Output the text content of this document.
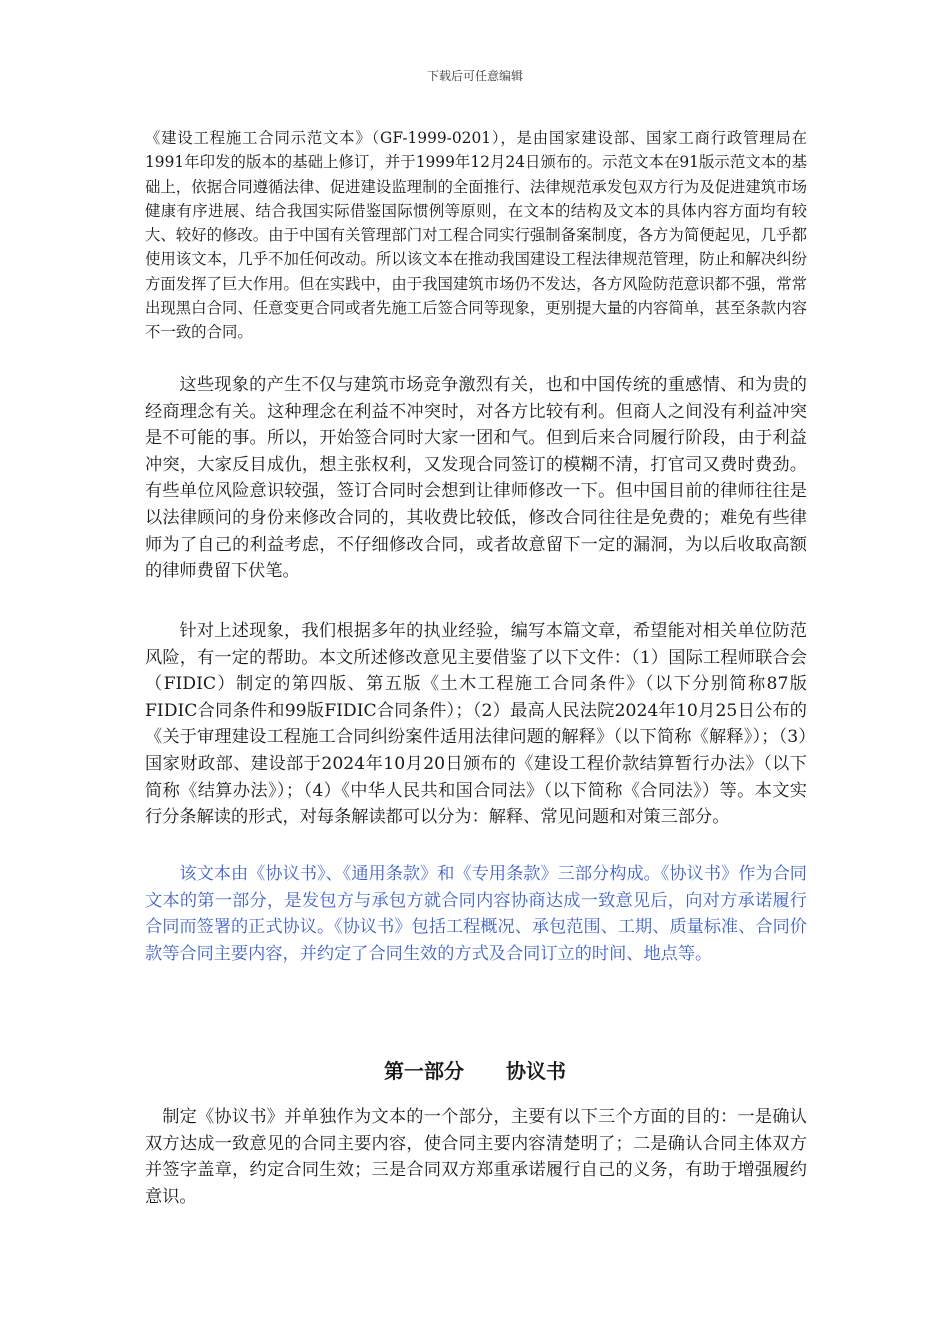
下载后可任意编辑

《建设工程施工合同示范文本》（GF-1999-0201），是由国家建设部、国家工商行政管理局在1991年印发的版本的基础上修订，并于1999年12月24日颁布的。示范文本在91版示范文本的基础上，依据合同遵循法律、促进建设监理制的全面推行、法律规范承发包双方行为及促进建筑市场健康有序进展、结合我国实际借鉴国际惯例等原则，在文本的结构及文本的具体内容方面均有较大、较好的修改。由于中国有关管理部门对工程合同实行强制备案制度，各方为简便起见，几乎都使用该文本，几乎不加任何改动。所以该文本在推动我国建设工程法律规范管理，防止和解决纠纷方面发挥了巨大作用。但在实践中，由于我国建筑市场仍不发达，各方风险防范意识都不强，常常出现黑白合同、任意变更合同或者先施工后签合同等现象，更别提大量的内容简单，甚至条款内容不一致的合同。

这些现象的产生不仅与建筑市场竞争激烈有关，也和中国传统的重感情、和为贵的经商理念有关。这种理念在利益不冲突时，对各方比较有利。但商人之间没有利益冲突是不可能的事。所以，开始签合同时大家一团和气。但到后来合同履行阶段，由于利益冲突，大家反目成仇，想主张权利，又发现合同签订的模糊不清，打官司又费时费劲。有些单位风险意识较强，签订合同时会想到让律师修改一下。但中国目前的律师往往是以法律顾问的身份来修改合同的，其收费比较低，修改合同往往是免费的；难免有些律师为了自己的利益考虑，不仔细修改合同，或者故意留下一定的漏洞，为以后收取高额的律师费留下伏笔。

针对上述现象，我们根据多年的执业经验，编写本篇文章，希望能对相关单位防范风险，有一定的帮助。本文所述修改意见主要借鉴了以下文件：（1）国际工程师联合会（FIDIC）制定的第四版、第五版《土木工程施工合同条件》（以下分别简称87版FIDIC合同条件和99版FIDIC合同条件）；（2）最高人民法院2024年10月25日公布的《关于审理建设工程施工合同纠纷案件适用法律问题的解释》（以下简称《解释》）；（3）国家财政部、建设部于2024年10月20日颁布的《建设工程价款结算暂行办法》（以下简称《结算办法》）；（4）《中华人民共和国合同法》（以下简称《合同法》）等。本文实行分条解读的形式，对每条解读都可以分为：解释、常见问题和对策三部分。

该文本由《协议书》、《通用条款》和《专用条款》三部分构成。《协议书》作为合同文本的第一部分，是发包方与承包方就合同内容协商达成一致意见后，向对方承诺履行合同而签署的正式协议。《协议书》包括工程概况、承包范围、工期、质量标准、合同价款等合同主要内容，并约定了合同生效的方式及合同订立的时间、地点等。

第一部分 协议书

制定《协议书》并单独作为文本的一个部分，主要有以下三个方面的目的：一是确认双方达成一致意见的合同主要内容，使合同主要内容清楚明了；二是确认合同主体双方并签字盖章，约定合同生效；三是合同双方郑重承诺履行自己的义务，有助于增强履约意识。
